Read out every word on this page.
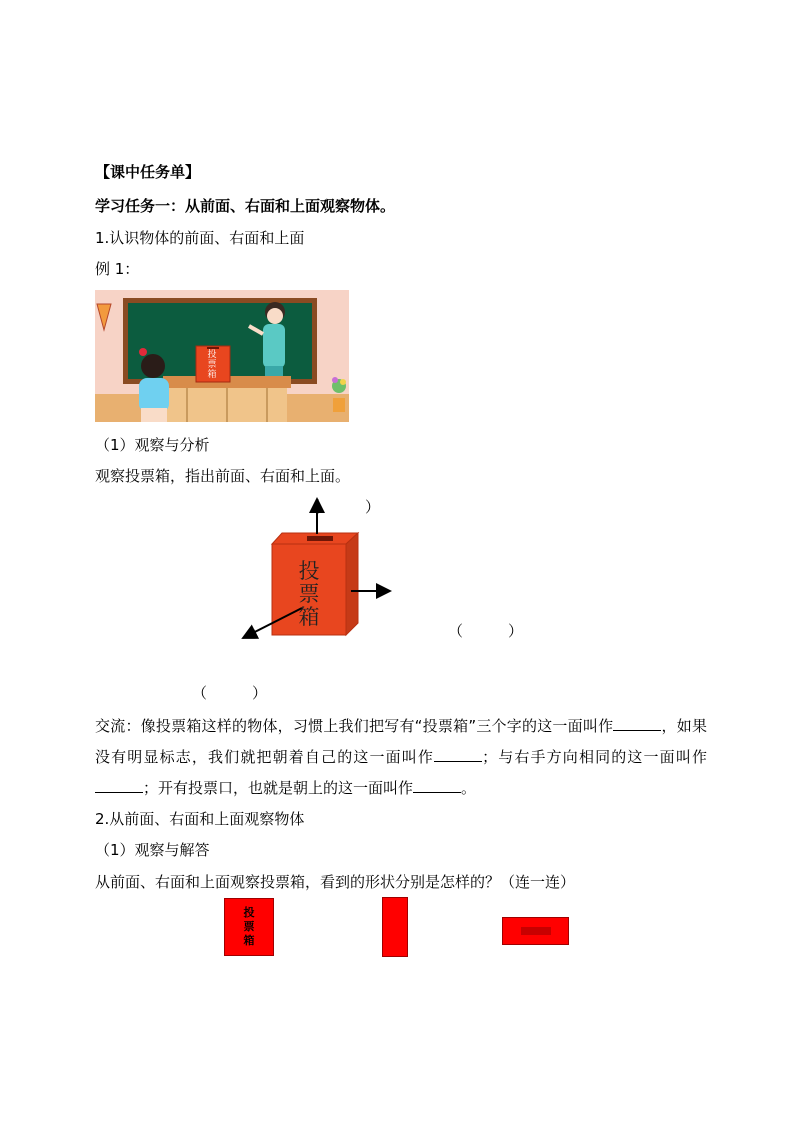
【课中任务单】
学习任务一：从前面、右面和上面观察物体。
1.认识物体的前面、右面和上面
例 1：
投
票
箱
（1）观察与分析
观察投票箱，指出前面、右面和上面。
投
票
箱
（　　　）
（　　　）
（　　　）
交流：像投票箱这样的物体，习惯上我们把写有“投票箱”三个字的这一面叫作	，如果没有明显标志，我们就把朝着自己的这一面叫作	；与右手方向相同的这一面叫作；开有投票口，也就是朝上的这一面叫作	。
2.从前面、右面和上面观察物体
（1）观察与解答
从前面、右面和上面观察投票箱，看到的形状分别是怎样的？（连一连）
投
票
箱
